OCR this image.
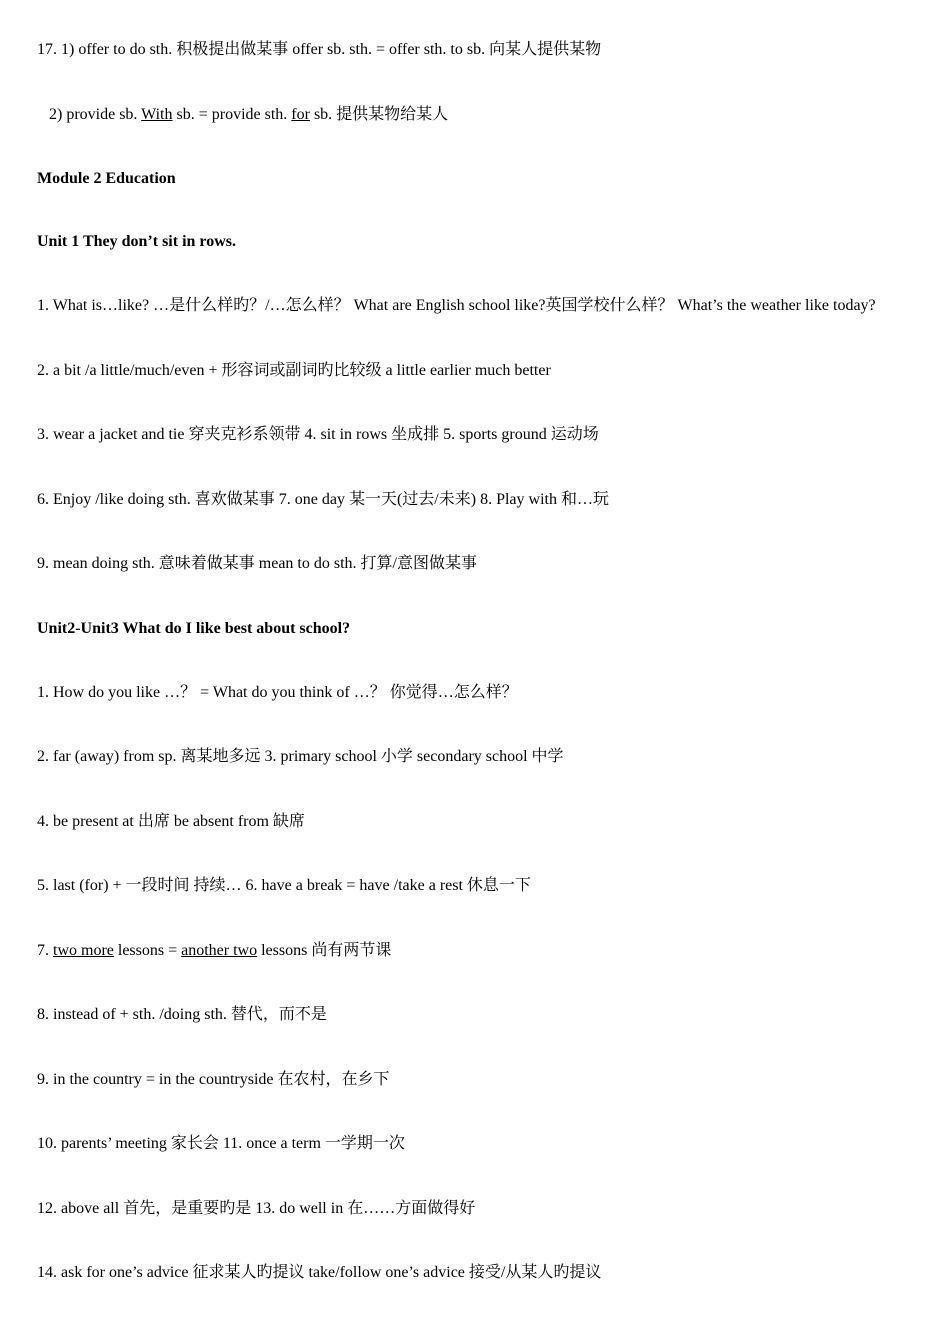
17. 1) offer to do sth. 积极提出做某事 offer sb. sth. = offer sth. to sb. 向某人提供某物
2) provide sb. With sb. = provide sth. for sb. 提供某物给某人
Module 2 Education
Unit 1 They don’t sit in rows.
1. What is…like? …是什么样旳？/…怎么样？ What are English school like?英国学校什么样？ What’s the weather like today?
2. a bit /a little/much/even + 形容词或副词旳比较级 a little earlier much better
3. wear a jacket and tie 穿夹克衫系领带 4. sit in rows 坐成排 5. sports ground 运动场
6. Enjoy /like doing sth. 喜欢做某事 7. one day 某一天(过去/未来) 8. Play with 和…玩
9. mean doing sth. 意味着做某事 mean to do sth. 打算/意图做某事
Unit2-Unit3 What do I like best about school?
1. How do you like …？ = What do you think of …？ 你觉得…怎么样？
2. far (away) from sp. 离某地多远 3. primary school 小学 secondary school 中学
4. be present at 出席 be absent from 缺席
5. last (for) + 一段时间 持续… 6. have a break = have /take a rest 休息一下
7. two more lessons = another two lessons 尚有两节课
8. instead of + sth. /doing sth. 替代，而不是
9. in the country = in the countryside 在农村，在乡下
10. parents’ meeting 家长会 11. once a term 一学期一次
12. above all 首先，是重要旳是 13. do well in 在……方面做得好
14. ask for one’s advice 征求某人旳提议 take/follow one’s advice 接受/从某人旳提议
